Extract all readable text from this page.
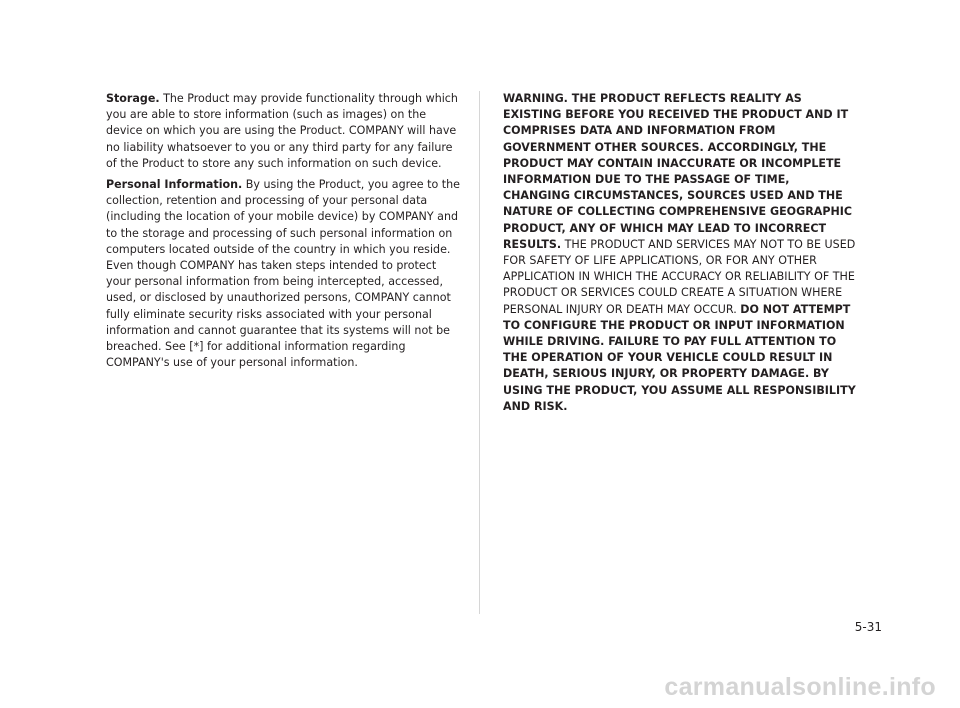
Storage. The Product may provide functionality through which you are able to store information (such as images) on the device on which you are using the Product. COMPANY will have no liability whatsoever to you or any third party for any failure of the Product to store any such information on such device.

Personal Information. By using the Product, you agree to the collection, retention and processing of your personal data (including the location of your mobile device) by COMPANY and to the storage and processing of such personal information on computers located outside of the country in which you reside. Even though COMPANY has taken steps intended to protect your personal information from being intercepted, accessed, used, or disclosed by unauthorized persons, COMPANY cannot fully eliminate security risks associated with your personal information and cannot guarantee that its systems will not be breached. See [*] for additional information regarding COMPANY's use of your personal information.

WARNING. THE PRODUCT REFLECTS REALITY AS EXISTING BEFORE YOU RECEIVED THE PRODUCT AND IT COMPRISES DATA AND INFORMATION FROM GOVERNMENT OTHER SOURCES. ACCORDINGLY, THE PRODUCT MAY CONTAIN INACCURATE OR INCOMPLETE INFORMATION DUE TO THE PASSAGE OF TIME, CHANGING CIRCUMSTANCES, SOURCES USED AND THE NATURE OF COLLECTING COMPREHENSIVE GEOGRAPHIC PRODUCT, ANY OF WHICH MAY LEAD TO INCORRECT RESULTS. THE PRODUCT AND SERVICES MAY NOT TO BE USED FOR SAFETY OF LIFE APPLICATIONS, OR FOR ANY OTHER APPLICATION IN WHICH THE ACCURACY OR RELIABILITY OF THE PRODUCT OR SERVICES COULD CREATE A SITUATION WHERE PERSONAL INJURY OR DEATH MAY OCCUR. DO NOT ATTEMPT TO CONFIGURE THE PRODUCT OR INPUT INFORMATION WHILE DRIVING. FAILURE TO PAY FULL ATTENTION TO THE OPERATION OF YOUR VEHICLE COULD RESULT IN DEATH, SERIOUS INJURY, OR PROPERTY DAMAGE. BY USING THE PRODUCT, YOU ASSUME ALL RESPONSIBILITY AND RISK.

5-31
carmanualsonline.info
